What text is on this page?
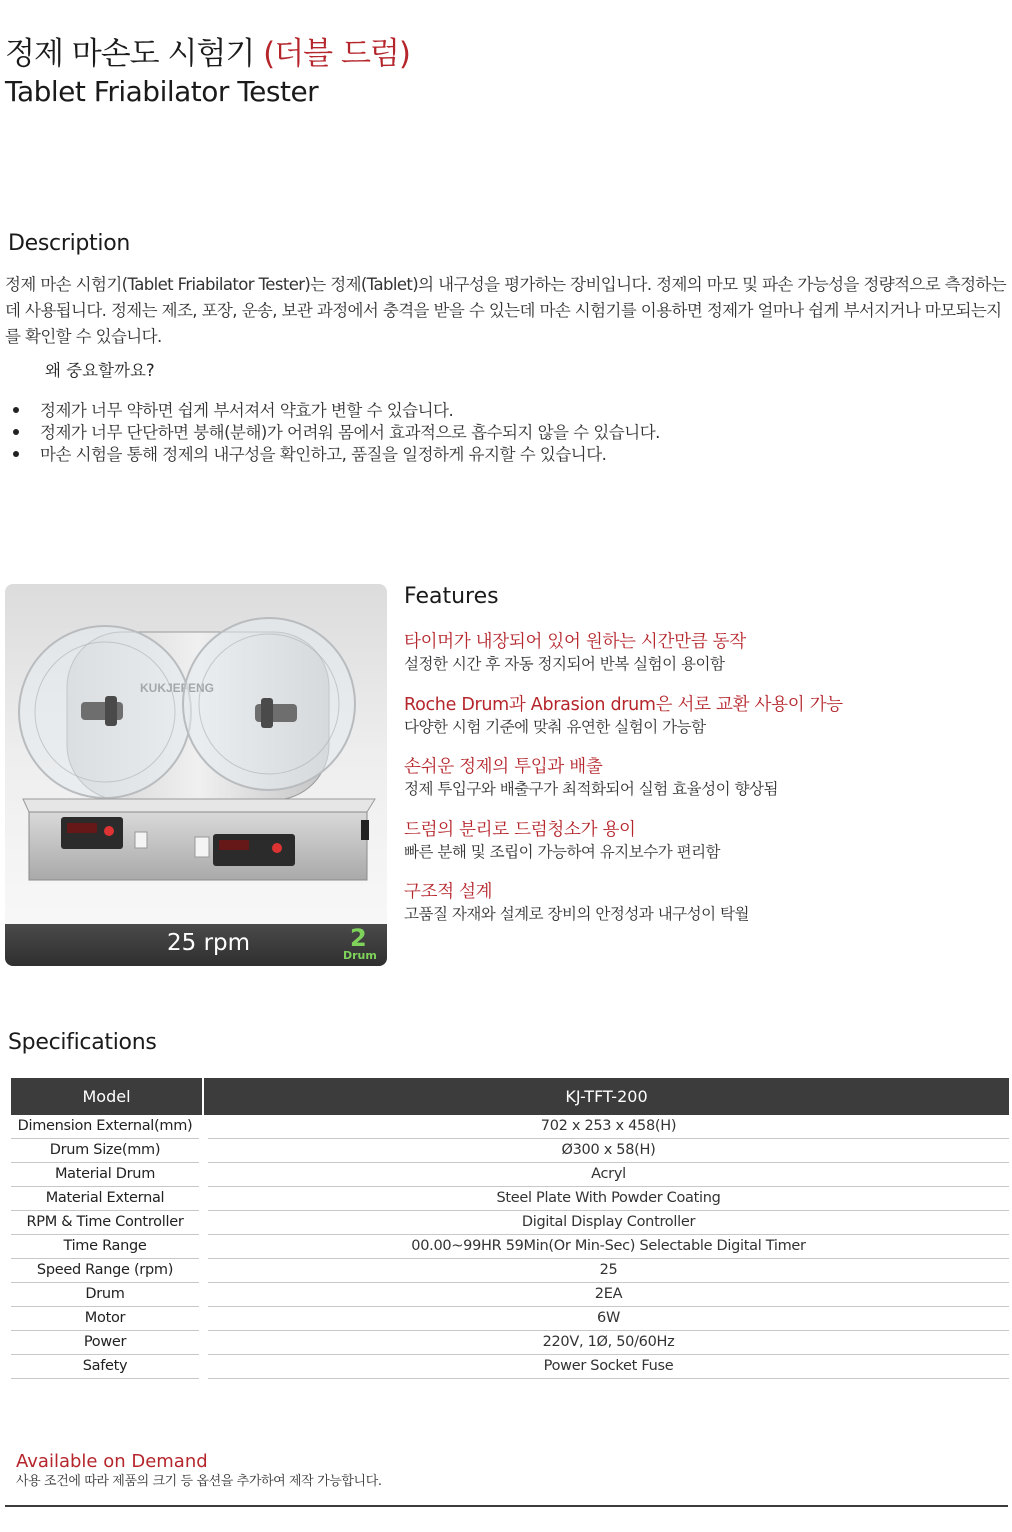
정제 마손도 시험기 (더블 드럼)
Tablet Friabilator Tester
Description

정제 마손 시험기(Tablet Friabilator Tester)는 정제(Tablet)의 내구성을 평가하는 장비입니다. 정제의 마모 및 파손 가능성을 정량적으로 측정하는 데 사용됩니다. 정제는 제조, 포장, 운송, 보관 과정에서 충격을 받을 수 있는데 마손 시험기를 이용하면 정제가 얼마나 쉽게 부서지거나 마모되는지를 확인할 수 있습니다.

왜 중요할까요?
정제가 너무 약하면 쉽게 부서져서 약효가 변할 수 있습니다.
정제가 너무 단단하면 붕해(분해)가 어려워 몸에서 효과적으로 흡수되지 않을 수 있습니다.
마손 시험을 통해 정제의 내구성을 확인하고, 품질을 일정하게 유지할 수 있습니다.
25 rpm	2
Drum
Features
타이머가 내장되어 있어 원하는 시간만큼 동작
설정한 시간 후 자동 정지되어 반복 실험이 용이함
Roche Drum과 Abrasion drum은 서로 교환 사용이 가능
다양한 시험 기준에 맞춰 유연한 실험이 가능함
손쉬운 정제의 투입과 배출
정제 투입구와 배출구가 최적화되어 실험 효율성이 향상됨
드럼의 분리로 드럼청소가 용이
빠른 분해 및 조립이 가능하여 유지보수가 편리함
구조적 설계
고품질 자재와 설계로 장비의 안정성과 내구성이 탁월
Specifications
Model	KJ-TFT-200
Dimension External(mm)	702 x 253 x 458(H)
Drum Size(mm)	Ø300 x 58(H)
Material Drum	Acryl
Material External	Steel Plate With Powder Coating
RPM & Time Controller	Digital Display Controller
Time Range	00.00~99HR 59Min(Or Min-Sec) Selectable Digital Timer
Speed Range (rpm)	25
Drum	2EA
Motor	6W
Power	220V, 1Ø, 50/60Hz
Safety	Power Socket Fuse
Available on Demand
사용 조건에 따라 제품의 크기 등 옵션을 추가하여 제작 가능합니다.
